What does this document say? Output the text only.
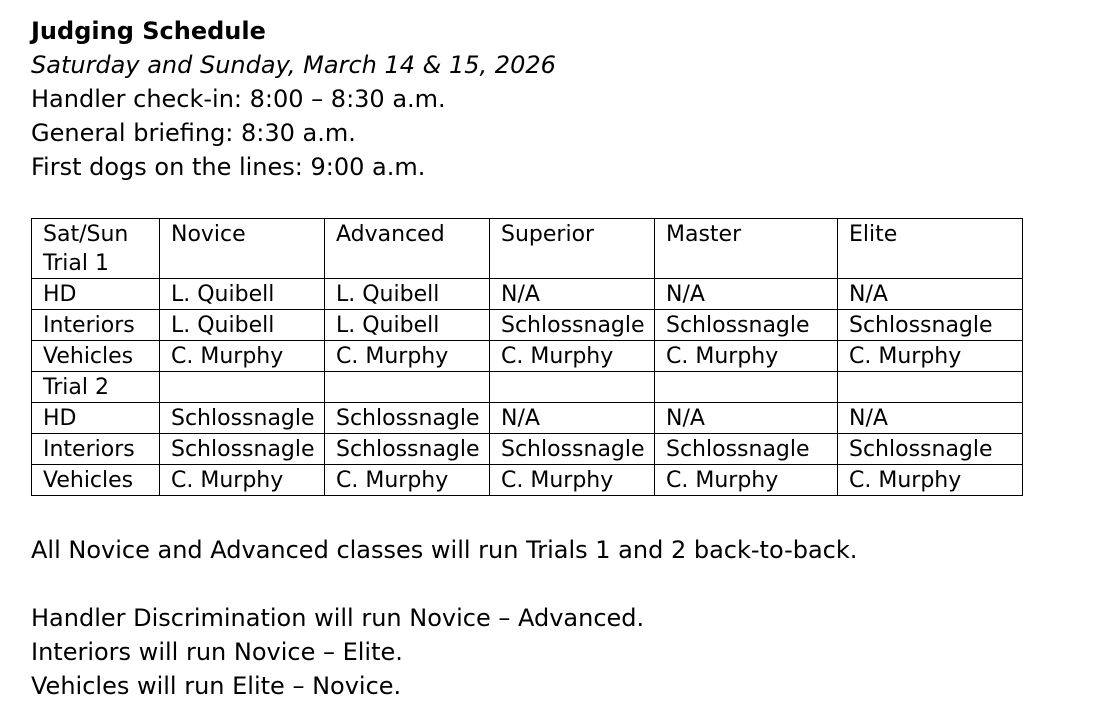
Judging Schedule
Saturday and Sunday, March 14 & 15, 2026
Handler check-in: 8:00 – 8:30 a.m.
General briefing: 8:30 a.m.
First dogs on the lines: 9:00 a.m.
Sat/Sun Trial 1	Novice	Advanced	Superior	Master	Elite
HD	L. Quibell	L. Quibell	N/A	N/A	N/A
Interiors	L. Quibell	L. Quibell	Schlossnagle	Schlossnagle	Schlossnagle
Vehicles	C. Murphy	C. Murphy	C. Murphy	C. Murphy	C. Murphy
Trial 2					
HD	Schlossnagle	Schlossnagle	N/A	N/A	N/A
Interiors	Schlossnagle	Schlossnagle	Schlossnagle	Schlossnagle	Schlossnagle
Vehicles	C. Murphy	C. Murphy	C. Murphy	C. Murphy	C. Murphy
All Novice and Advanced classes will run Trials 1 and 2 back-to-back.
Handler Discrimination will run Novice – Advanced.
Interiors will run Novice – Elite.
Vehicles will run Elite – Novice.
